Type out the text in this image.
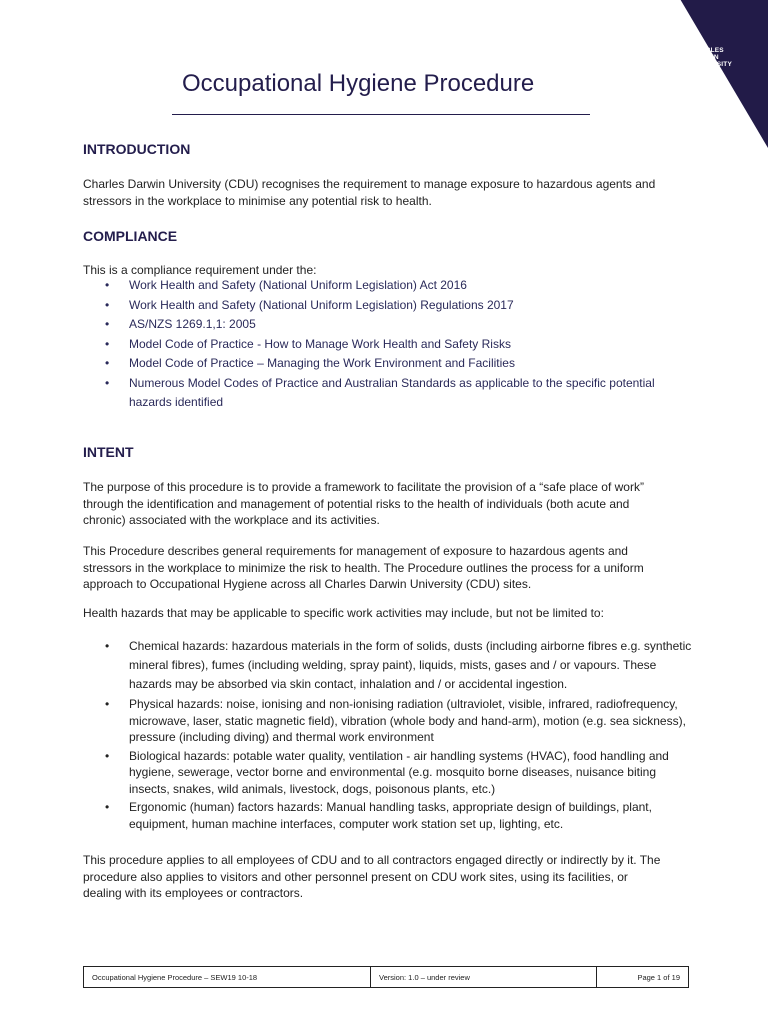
CHARLES
DARWIN
UNIVERSITY
Occupational Hygiene Procedure
INTRODUCTION
Charles Darwin University (CDU) recognises the requirement to manage exposure to hazardous agents and stressors in the workplace to minimise any potential risk to health.
COMPLIANCE
This is a compliance requirement under the:
• Work Health and Safety (National Uniform Legislation) Act 2016
• Work Health and Safety (National Uniform Legislation) Regulations 2017
• AS/NZS 1269.1,1: 2005
• Model Code of Practice - How to Manage Work Health and Safety Risks
• Model Code of Practice – Managing the Work Environment and Facilities
• Numerous Model Codes of Practice and Australian Standards as applicable to the specific potential hazards identified
INTENT
The purpose of this procedure is to provide a framework to facilitate the provision of a “safe place of work” through the identification and management of potential risks to the health of individuals (both acute and chronic) associated with the workplace and its activities.
This Procedure describes general requirements for management of exposure to hazardous agents and stressors in the workplace to minimize the risk to health. The Procedure outlines the process for a uniform approach to Occupational Hygiene across all Charles Darwin University (CDU) sites.
Health hazards that may be applicable to specific work activities may include, but not be limited to:
• Chemical hazards: hazardous materials in the form of solids, dusts (including airborne fibres e.g. synthetic mineral fibres), fumes (including welding, spray paint), liquids, mists, gases and / or vapours. These hazards may be absorbed via skin contact, inhalation and / or accidental ingestion.
• Physical hazards: noise, ionising and non-ionising radiation (ultraviolet, visible, infrared, radiofrequency, microwave, laser, static magnetic field), vibration (whole body and hand-arm), motion (e.g. sea sickness), pressure (including diving) and thermal work environment
• Biological hazards: potable water quality, ventilation - air handling systems (HVAC), food handling and hygiene, sewerage, vector borne and environmental (e.g. mosquito borne diseases, nuisance biting insects, snakes, wild animals, livestock, dogs, poisonous plants, etc.)
• Ergonomic (human) factors hazards: Manual handling tasks, appropriate design of buildings, plant, equipment, human machine interfaces, computer work station set up, lighting, etc.
This procedure applies to all employees of CDU and to all contractors engaged directly or indirectly by it. The procedure also applies to visitors and other personnel present on CDU work sites, using its facilities, or dealing with its employees or contractors.
Occupational Hygiene Procedure – SEW19 10-18	Version: 1.0 – under review	Page 1 of 19
